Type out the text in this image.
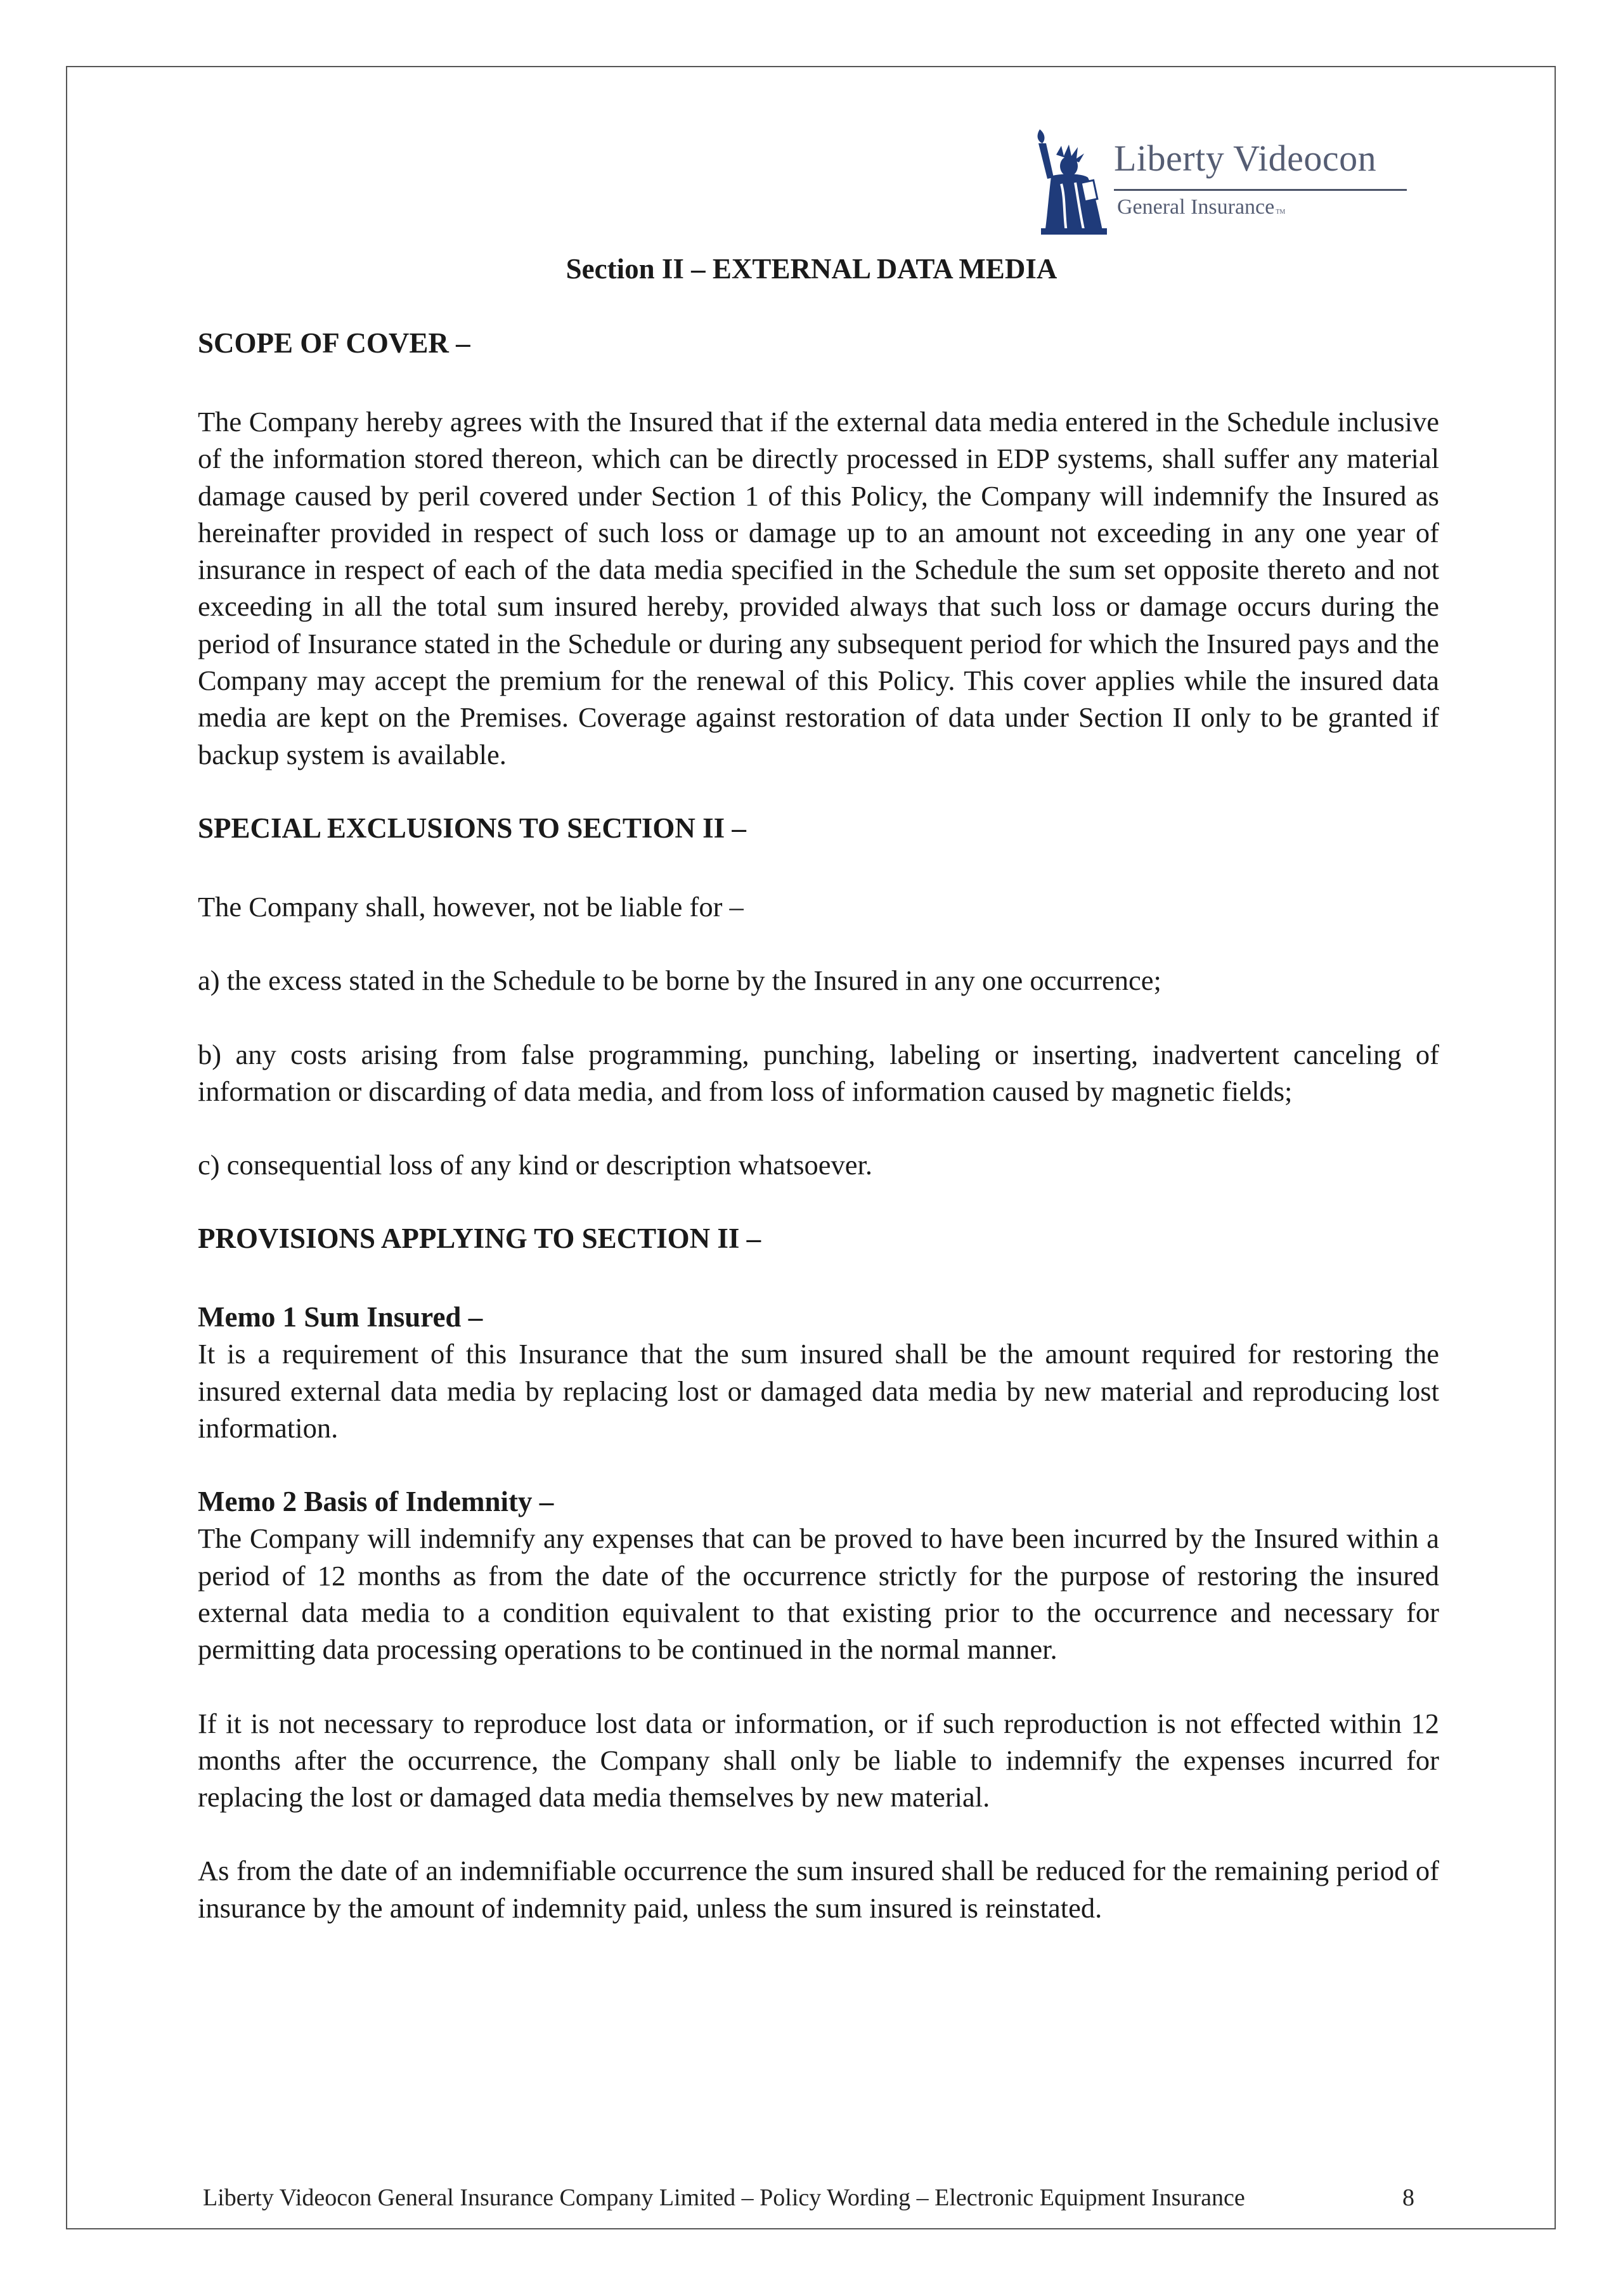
Liberty Videocon
General Insurance TM
Section II – EXTERNAL DATA MEDIA

SCOPE OF COVER –

The Company hereby agrees with the Insured that if the external data media entered in the Schedule inclusive of the information stored thereon, which can be directly processed in EDP systems, shall suffer any material damage caused by peril covered under Section 1 of this Policy, the Company will indemnify the Insured as hereinafter provided in respect of such loss or damage up to an amount not exceeding in any one year of insurance in respect of each of the data media specified in the Schedule the sum set opposite thereto and not exceeding in all the total sum insured hereby, provided always that such loss or damage occurs during the period of Insurance stated in the Schedule or during any subsequent period for which the Insured pays and the Company may accept the premium for the renewal of this Policy. This cover applies while the insured data media are kept on the Premises. Coverage against restoration of data under Section II only to be granted if backup system is available.

SPECIAL EXCLUSIONS TO SECTION II –

The Company shall, however, not be liable for –

a) the excess stated in the Schedule to be borne by the Insured in any one occurrence;

b) any costs arising from false programming, punching, labeling or inserting, inadvertent canceling of information or discarding of data media, and from loss of information caused by magnetic fields;

c) consequential loss of any kind or description whatsoever.

PROVISIONS APPLYING TO SECTION II –

Memo 1 Sum Insured –

It is a requirement of this Insurance that the sum insured shall be the amount required for restoring the insured external data media by replacing lost or damaged data media by new material and reproducing lost information.

Memo 2 Basis of Indemnity –

The Company will indemnify any expenses that can be proved to have been incurred by the Insured within a period of 12 months as from the date of the occurrence strictly for the purpose of restoring the insured external data media to a condition equivalent to that existing prior to the occurrence and necessary for permitting data processing operations to be continued in the normal manner.

If it is not necessary to reproduce lost data or information, or if such reproduction is not effected within 12 months after the occurrence, the Company shall only be liable to indemnify the expenses incurred for replacing the lost or damaged data media themselves by new material.

As from the date of an indemnifiable occurrence the sum insured shall be reduced for the remaining period of insurance by the amount of indemnity paid, unless the sum insured is reinstated.

Liberty Videocon General Insurance Company Limited – Policy Wording – Electronic Equipment Insurance	8
